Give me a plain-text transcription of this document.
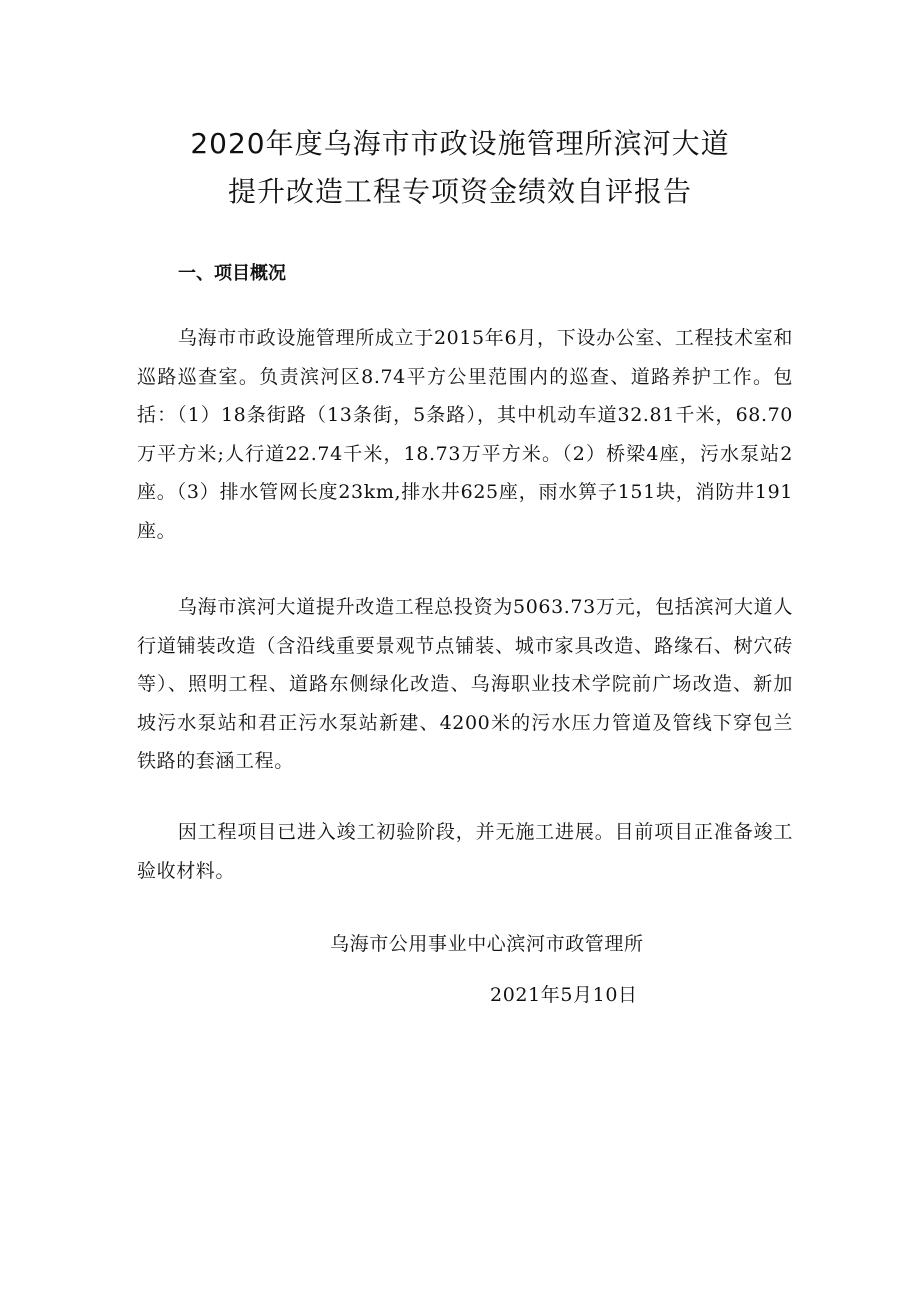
2020年度乌海市市政设施管理所滨河大道
提升改造工程专项资金绩效自评报告
一、项目概况

乌海市市政设施管理所成立于2015年6月，下设办公室、工程技术室和巡路巡查室。负责滨河区8.74平方公里范围内的巡查、道路养护工作。包括：（1）18条街路（13条街，5条路），其中机动车道32.81千米，68.70万平方米;人行道22.74千米，18.73万平方米。（2）桥梁4座，污水泵站2座。（3）排水管网长度23km,排水井625座，雨水箅子151块，消防井191座。

乌海市滨河大道提升改造工程总投资为5063.73万元，包括滨河大道人行道铺装改造（含沿线重要景观节点铺装、城市家具改造、路缘石、树穴砖等）、照明工程、道路东侧绿化改造、乌海职业技术学院前广场改造、新加坡污水泵站和君正污水泵站新建、4200米的污水压力管道及管线下穿包兰铁路的套涵工程。

因工程项目已进入竣工初验阶段，并无施工进展。目前项目正准备竣工验收材料。

乌海市公用事业中心滨河市政管理所
2021年5月10日
